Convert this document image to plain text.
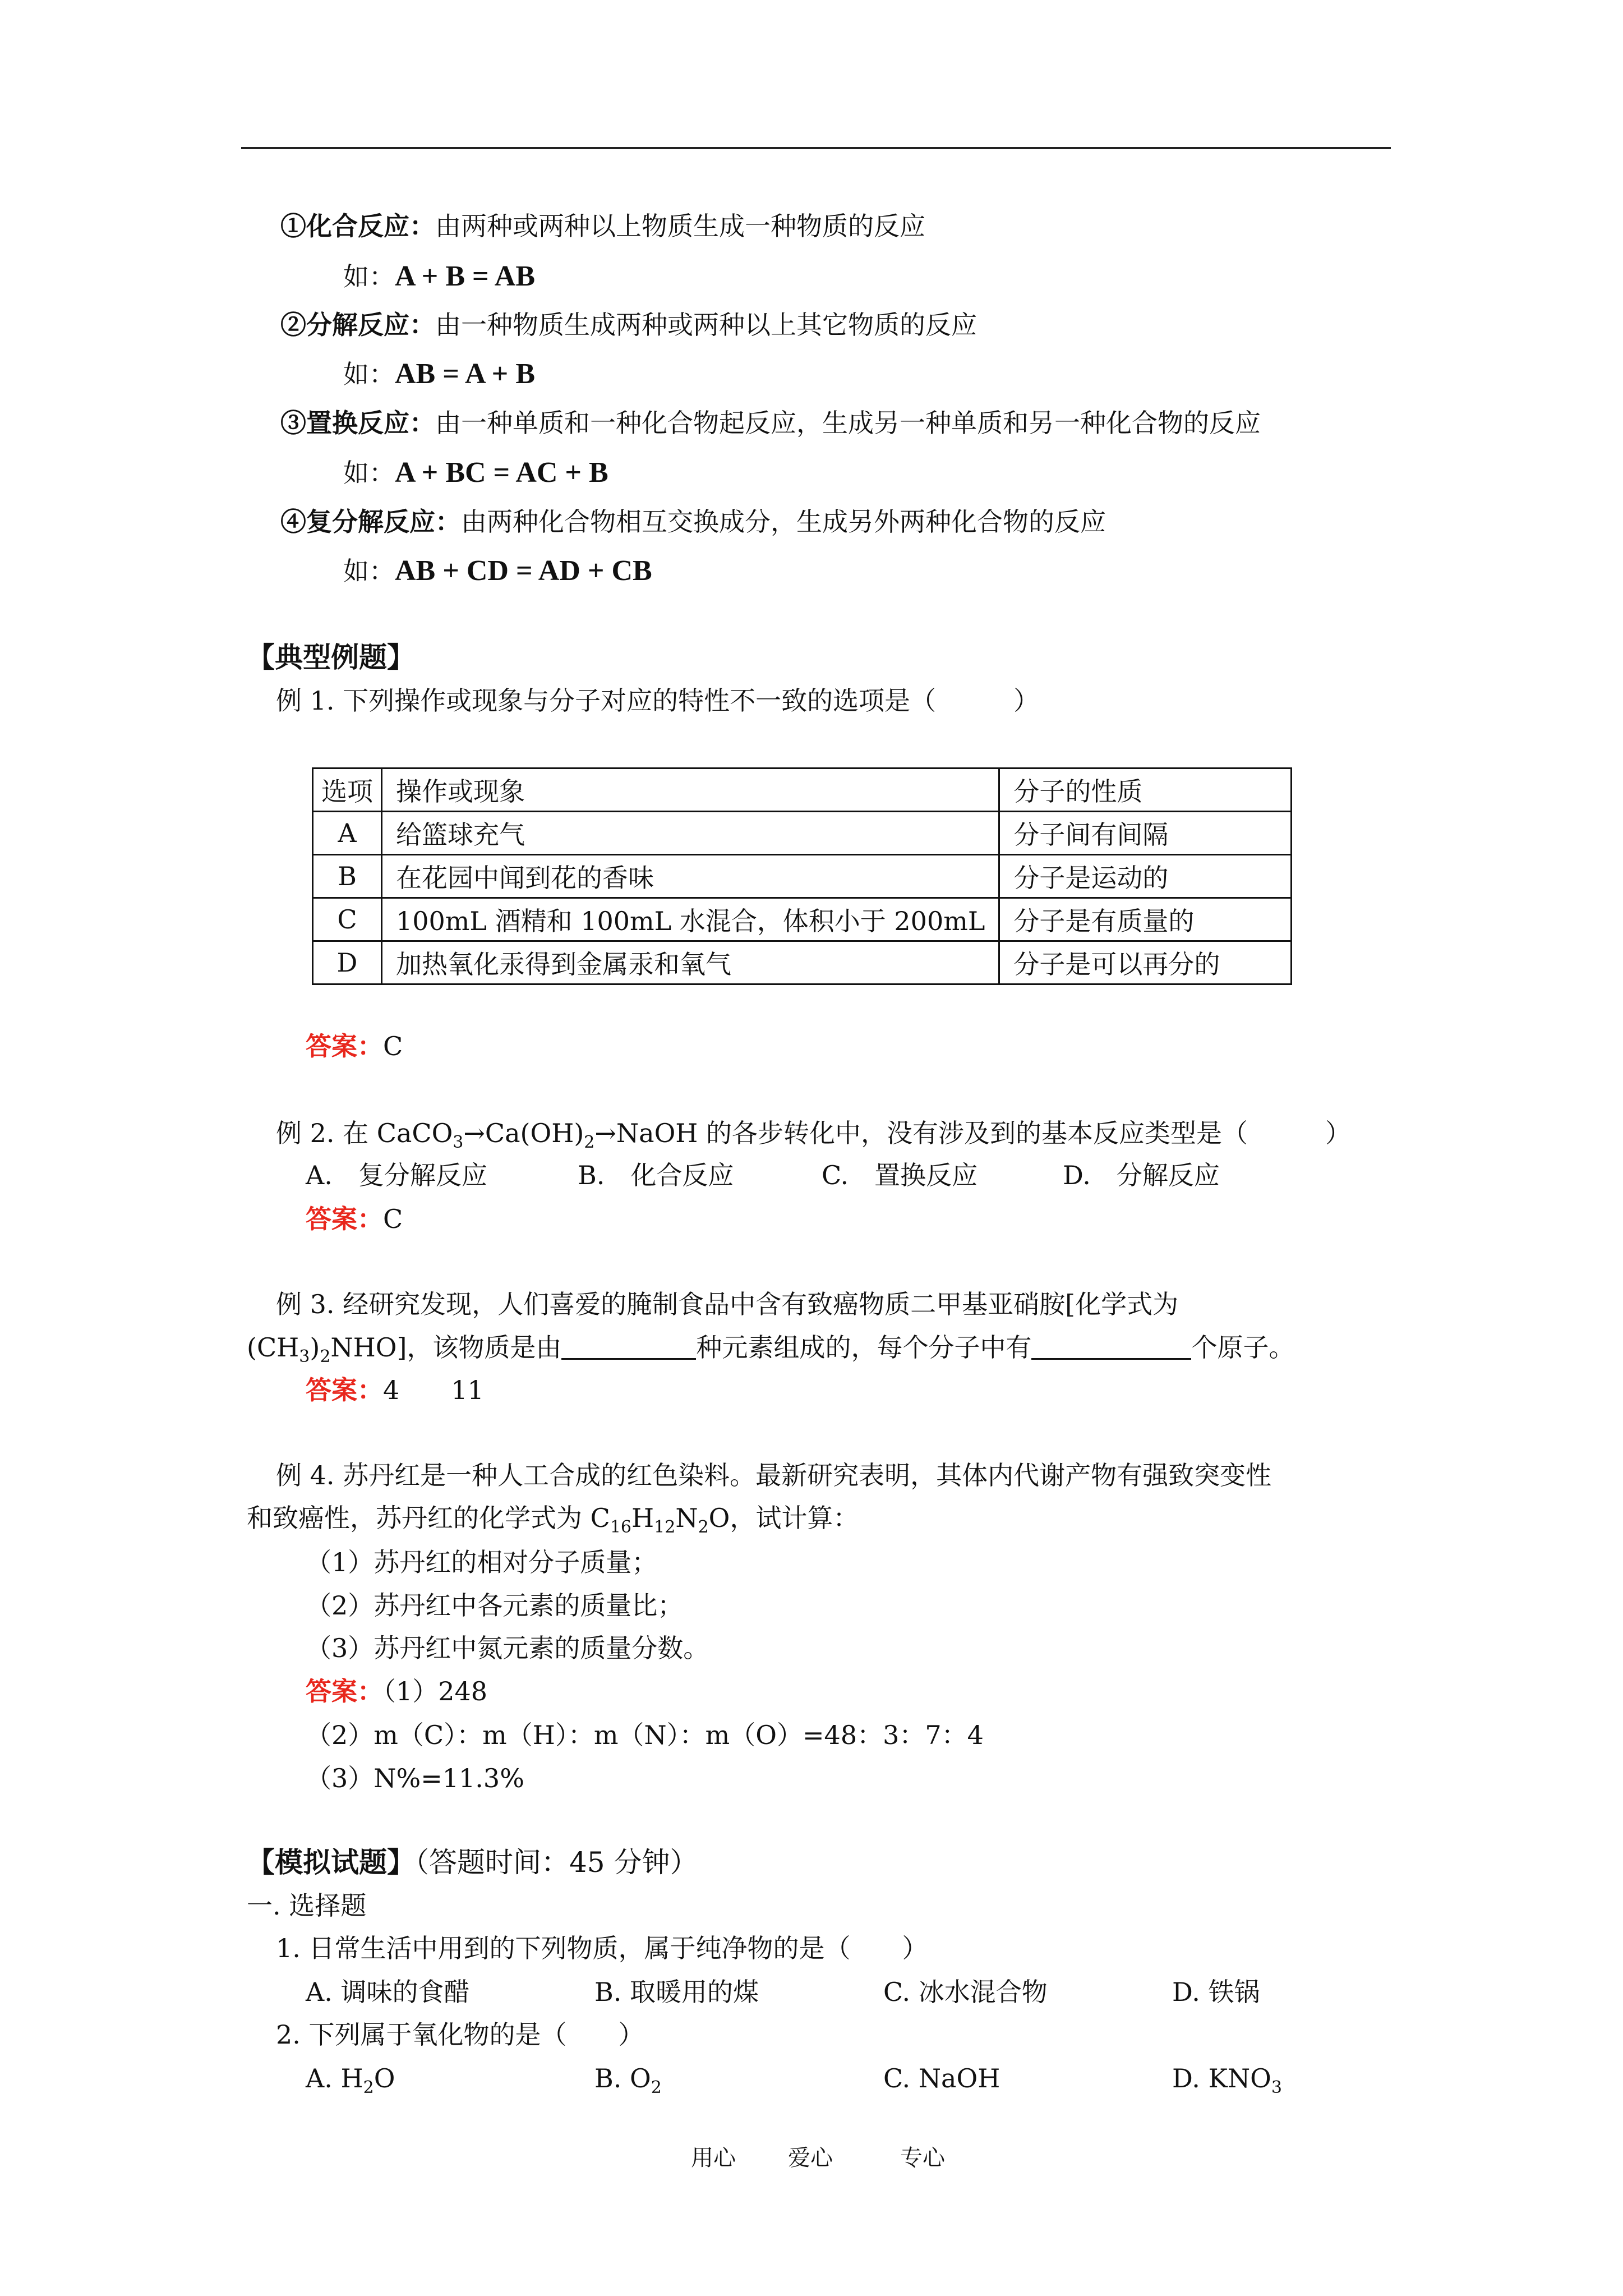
①化合反应：由两种或两种以上物质生成一种物质的反应
如：A + B = AB
②分解反应：由一种物质生成两种或两种以上其它物质的反应
如：AB = A + B
③置换反应：由一种单质和一种化合物起反应，生成另一种单质和另一种化合物的反应
如：A + BC = AC + B
④复分解反应：由两种化合物相互交换成分，生成另外两种化合物的反应
如：AB + CD = AD + CB
【典型例题】
例 1. 下列操作或现象与分子对应的特性不一致的选项是（　　　）
选项	操作或现象	分子的性质
A	给篮球充气	分子间有间隔
B	在花园中闻到花的香味	分子是运动的
C	100mL 酒精和 100mL 水混合，体积小于 200mL	分子是有质量的
D	加热氧化汞得到金属汞和氧气	分子是可以再分的
答案：C
例 2. 在 $CaCO_3\to Ca(OH)_2\to NaOH$ 的各步转化中，没有涉及到的基本反应类型是（　　　）
A.　复分解反应	B.　化合反应	C.　置换反应	D.　分解反应
答案：C
例 3. 经研究发现，人们喜爱的腌制食品中含有致癌物质二甲基亚硝胺[化学式为
$(CH_3)_2NHO$]，该物质是由	种元素组成的，每个分子中有	个原子。
答案：4　　11
例 4. 苏丹红是一种人工合成的红色染料。最新研究表明，其体内代谢产物有强致突变性
和致癌性，苏丹红的化学式为 $C_{16}H_{12}N_2O$，试计算：
（1）苏丹红的相对分子质量；
（2）苏丹红中各元素的质量比；
（3）苏丹红中氮元素的质量分数。
答案：（1）248
（2）m（C）：m（H）：m（N）：m（O）=48：3：7：4
（3）N%=11.3%
【模拟试题】（答题时间：45 分钟）
一. 选择题
1. 日常生活中用到的下列物质，属于纯净物的是（　　）
A. 调味的食醋	B. 取暖用的煤	C. 冰水混合物	D. 铁锅
2. 下列属于氧化物的是（　　）
A. $H_2O$	B. $O_2$	C. NaOH	D. $KNO_3$
用心 爱心	专心
